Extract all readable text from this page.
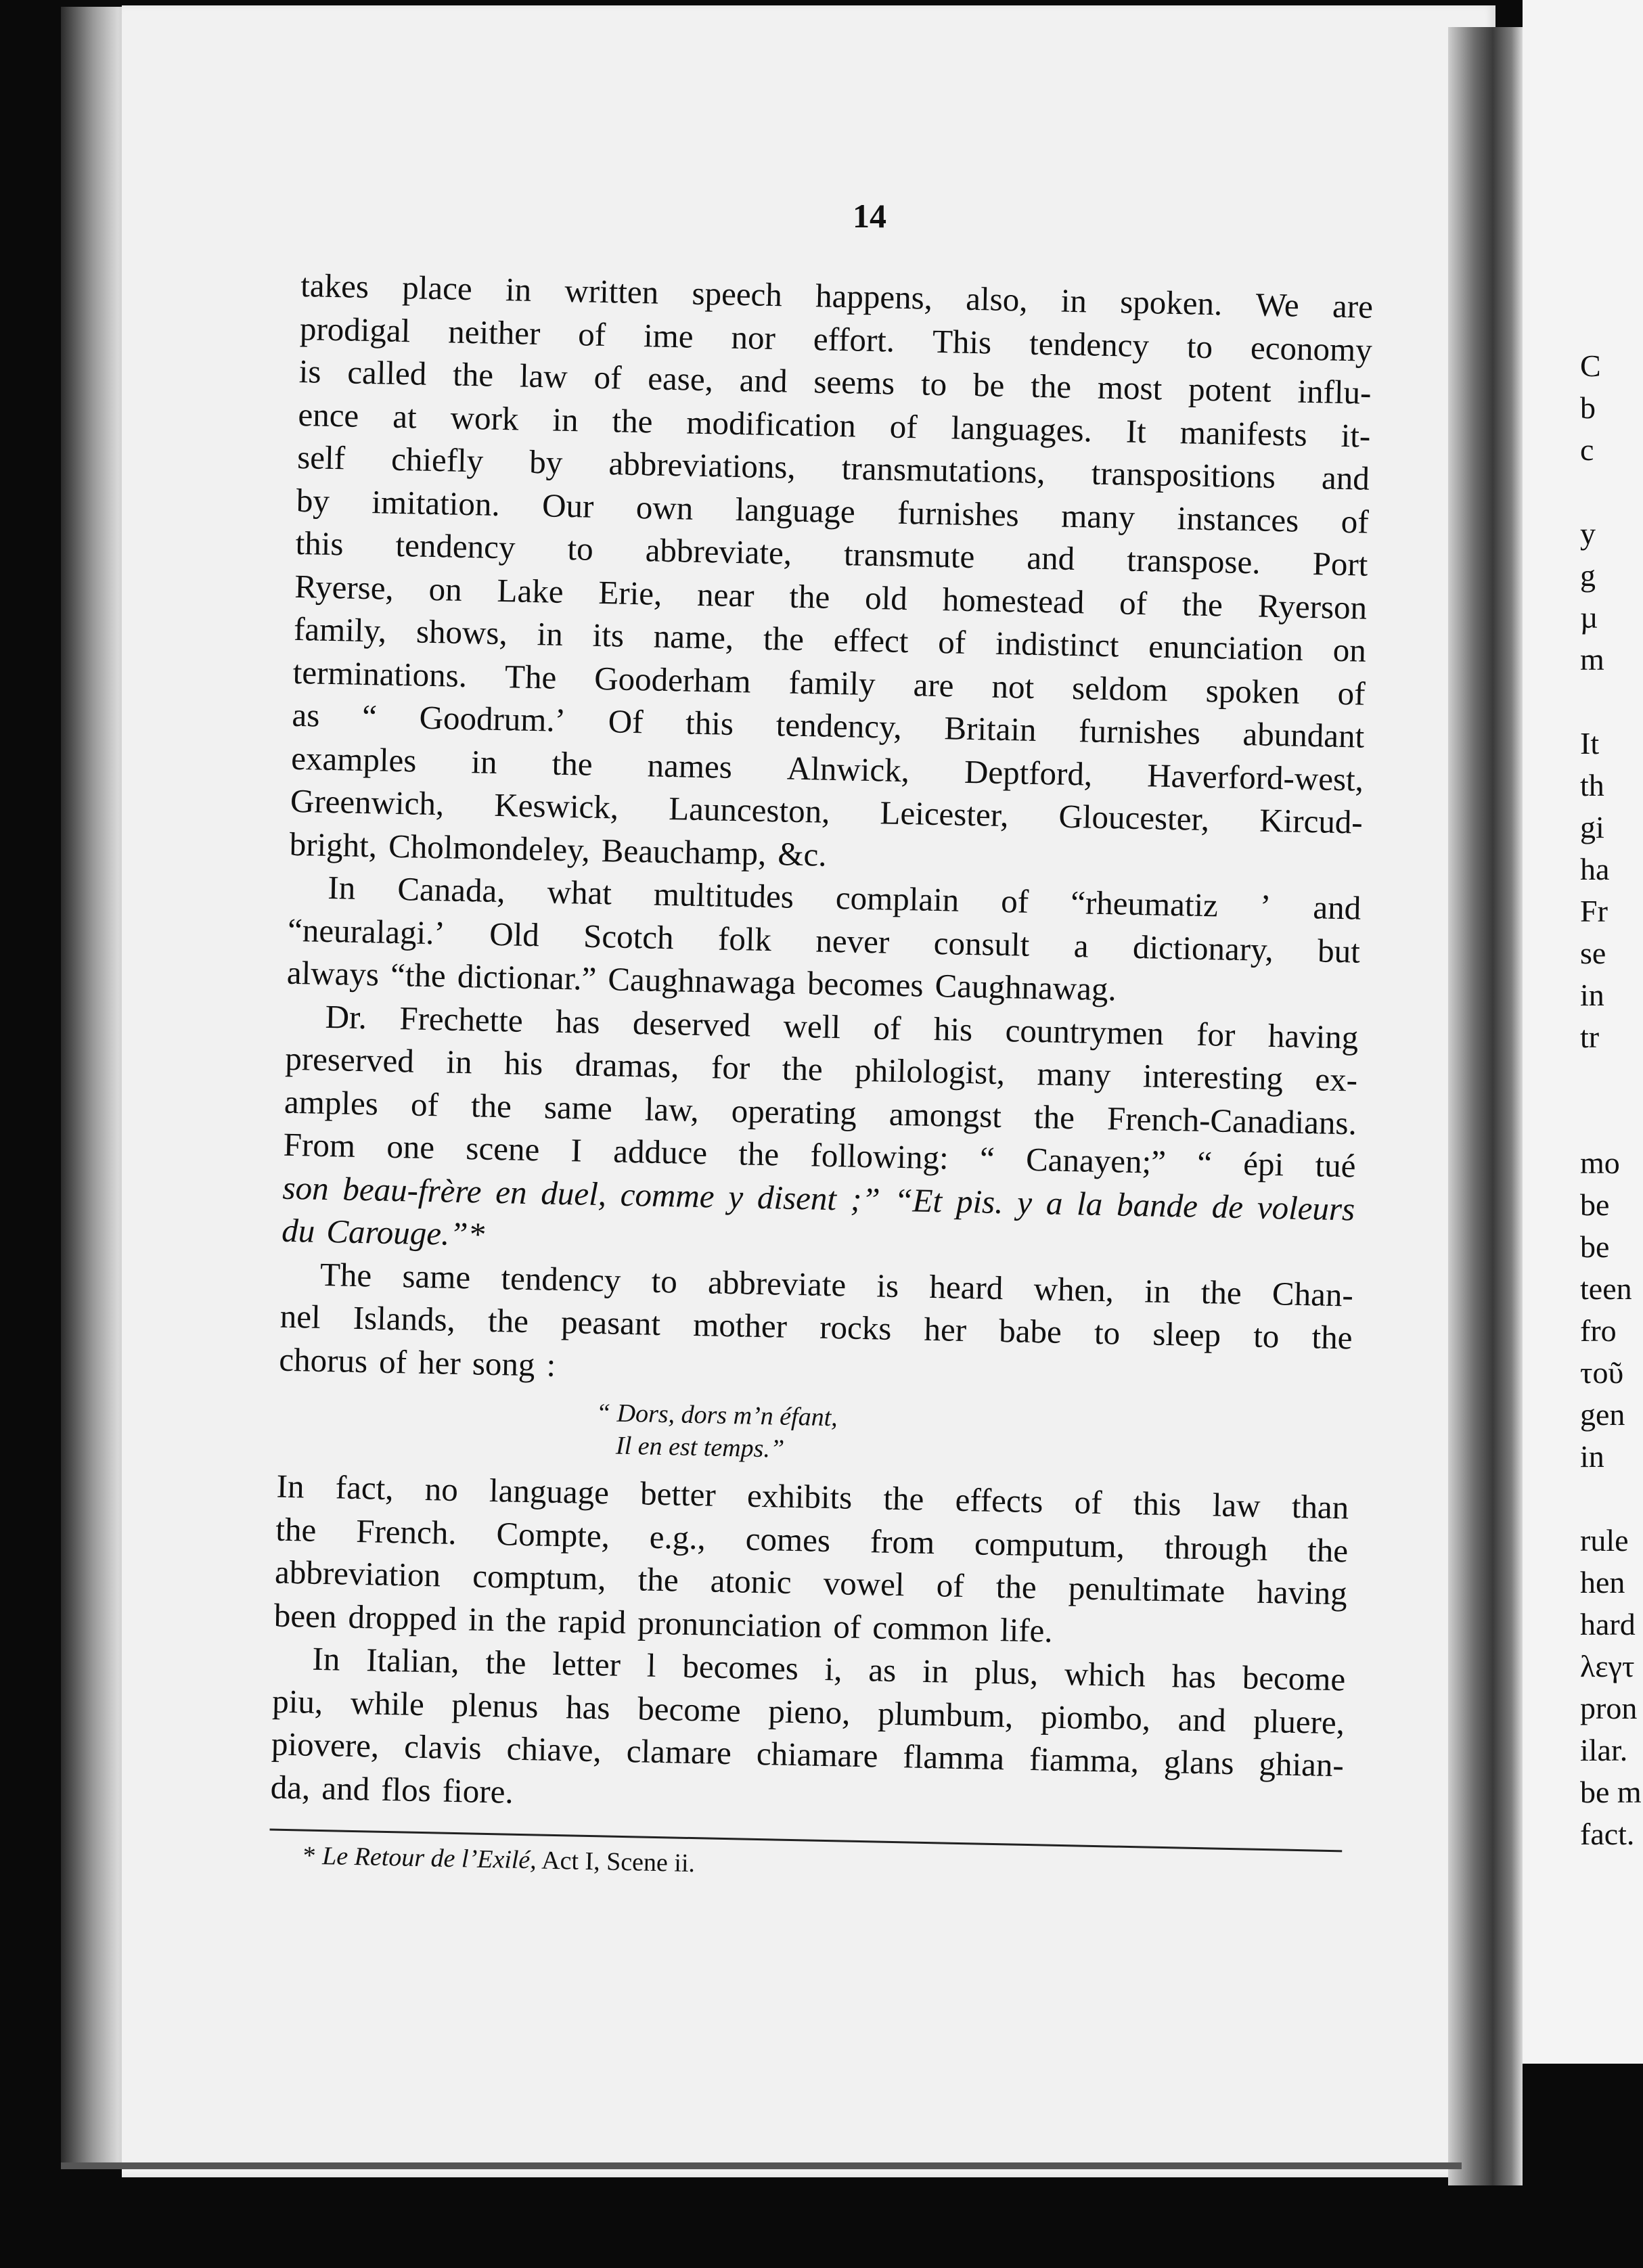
14
takes place in written speech happens, also, in spoken. We are
prodigal neither of ime nor effort. This tendency to economy
is called the law of ease, and seems to be the most potent influ-
ence at work in the modification of languages. It manifests it-
self chiefly by abbreviations, transmutations, transpositions and
by imitation. Our own language furnishes many instances of
this tendency to abbreviate, transmute and transpose. Port
Ryerse, on Lake Erie, near the old homestead of the Ryerson
family, shows, in its name, the effect of indistinct enunciation on
terminations. The Gooderham family are not seldom spoken of
as “ Goodrum.’ Of this tendency, Britain furnishes abundant
examples in the names Alnwick, Deptford, Haverford-west,
Greenwich, Keswick, Launceston, Leicester, Gloucester, Kircud-
bright, Cholmondeley, Beauchamp, &c.
In Canada, what multitudes complain of “rheumatiz ’ and
“neuralagi.’ Old Scotch folk never consult a dictionary, but
always “the dictionar.” Caughnawaga becomes Caughnawag.
Dr. Frechette has deserved well of his countrymen for having
preserved in his dramas, for the philologist, many interesting ex-
amples of the same law, operating amongst the French-Canadians.
From one scene I adduce the following: “ Canayen;” “ épi tué
son beau-frère en duel, comme y disent ;” “Et pis. y a la bande de voleurs
du Carouge.”*
The same tendency to abbreviate is heard when, in the Chan-
nel Islands, the peasant mother rocks her babe to sleep to the
chorus of her song :
“ Dors, dors m’n éfant,
Il en est temps.”
In fact, no language better exhibits the effects of this law than
the French. Compte, e.g., comes from computum, through the
abbreviation comptum, the atonic vowel of the penultimate having
been dropped in the rapid pronunciation of common life.
In Italian, the letter l becomes i, as in plus, which has become
piu, while plenus has become pieno, plumbum, piombo, and pluere,
piovere, clavis chiave, clamare chiamare flamma fiamma, glans ghian-
da, and flos fiore.
* Le Retour de l’Exilé, Act I, Scene ii.
C
b
c
y
g
µ
m
It
th
gi
ha
Fr
se
in
tr
mo
be
be
teen
fro
τοῦ
gen
in
rule
hen
hard
λεγτ
pron
ilar.
be m
fact.
